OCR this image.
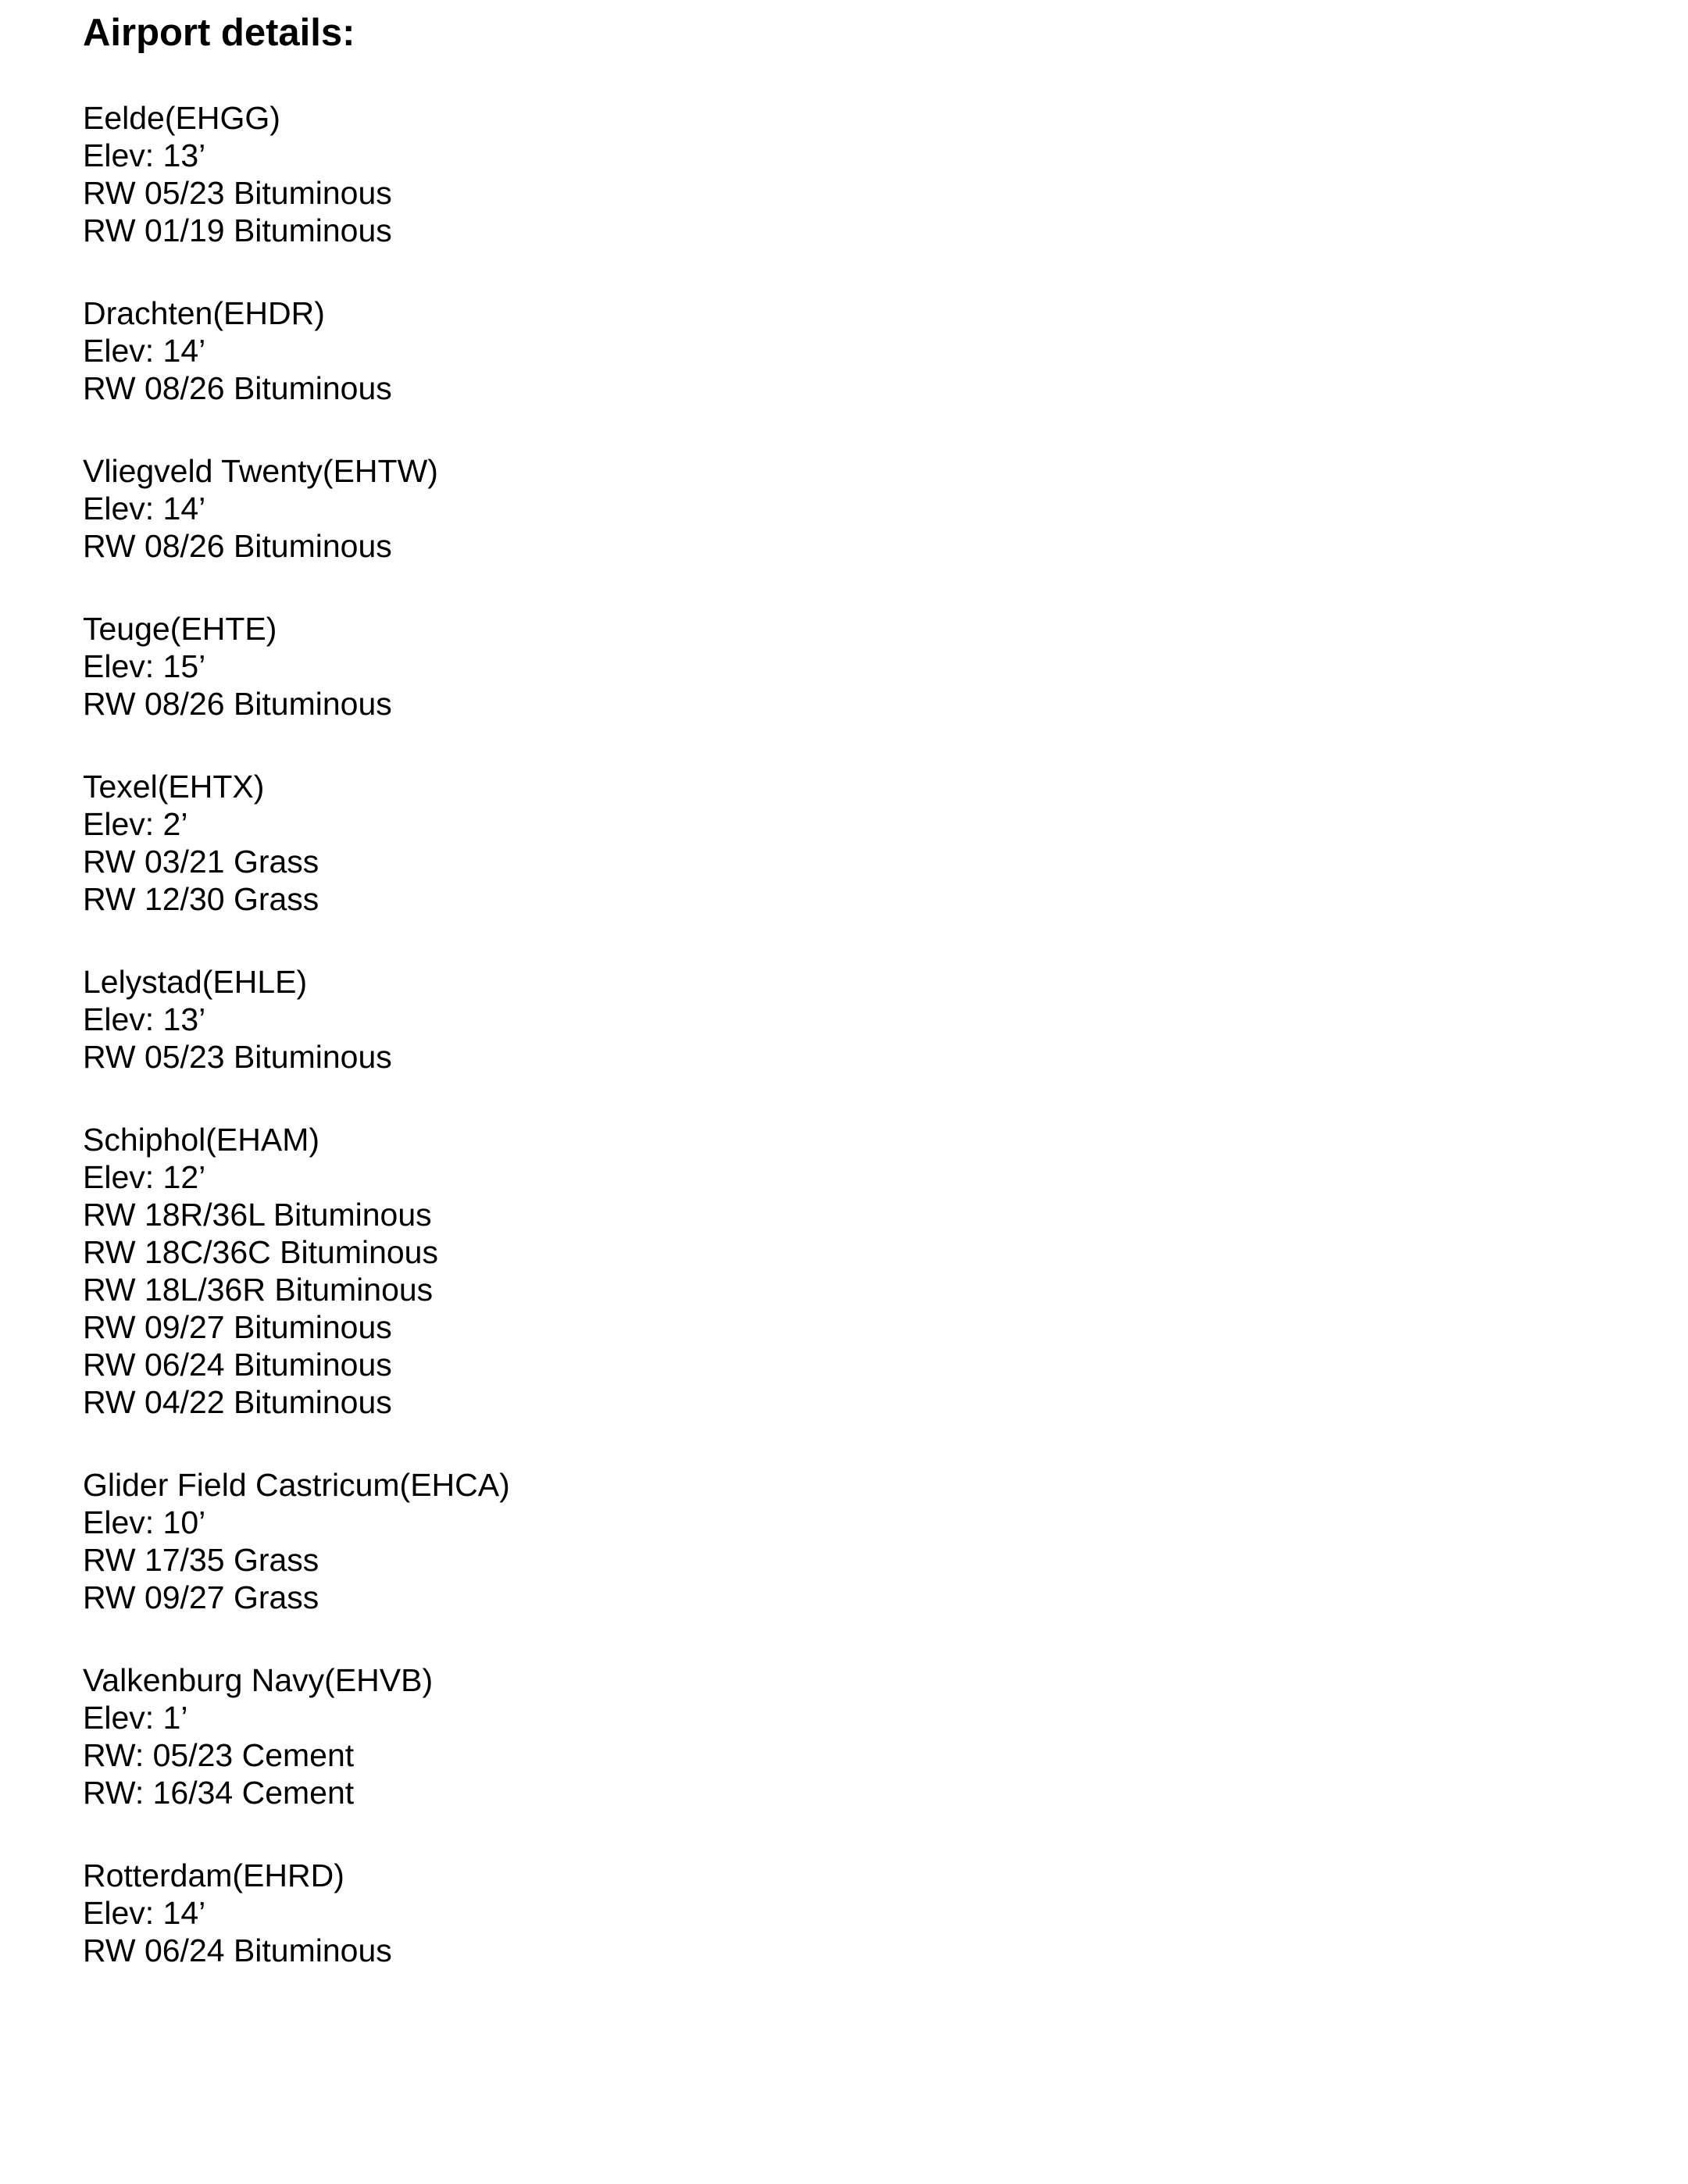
Airport details:
Eelde(EHGG)
Elev: 13’
RW 05/23 Bituminous
RW 01/19 Bituminous
Drachten(EHDR)
Elev: 14’
RW 08/26 Bituminous
Vliegveld Twenty(EHTW)
Elev: 14’
RW 08/26 Bituminous
Teuge(EHTE)
Elev: 15’
RW 08/26 Bituminous
Texel(EHTX)
Elev: 2’
RW 03/21 Grass
RW 12/30 Grass
Lelystad(EHLE)
Elev: 13’
RW 05/23 Bituminous
Schiphol(EHAM)
Elev: 12’
RW 18R/36L Bituminous
RW 18C/36C Bituminous
RW 18L/36R Bituminous
RW 09/27 Bituminous
RW 06/24 Bituminous
RW 04/22 Bituminous
Glider Field Castricum(EHCA)
Elev: 10’
RW 17/35 Grass
RW 09/27 Grass
Valkenburg Navy(EHVB)
Elev: 1’
RW: 05/23 Cement
RW: 16/34 Cement
Rotterdam(EHRD)
Elev: 14’
RW 06/24 Bituminous
